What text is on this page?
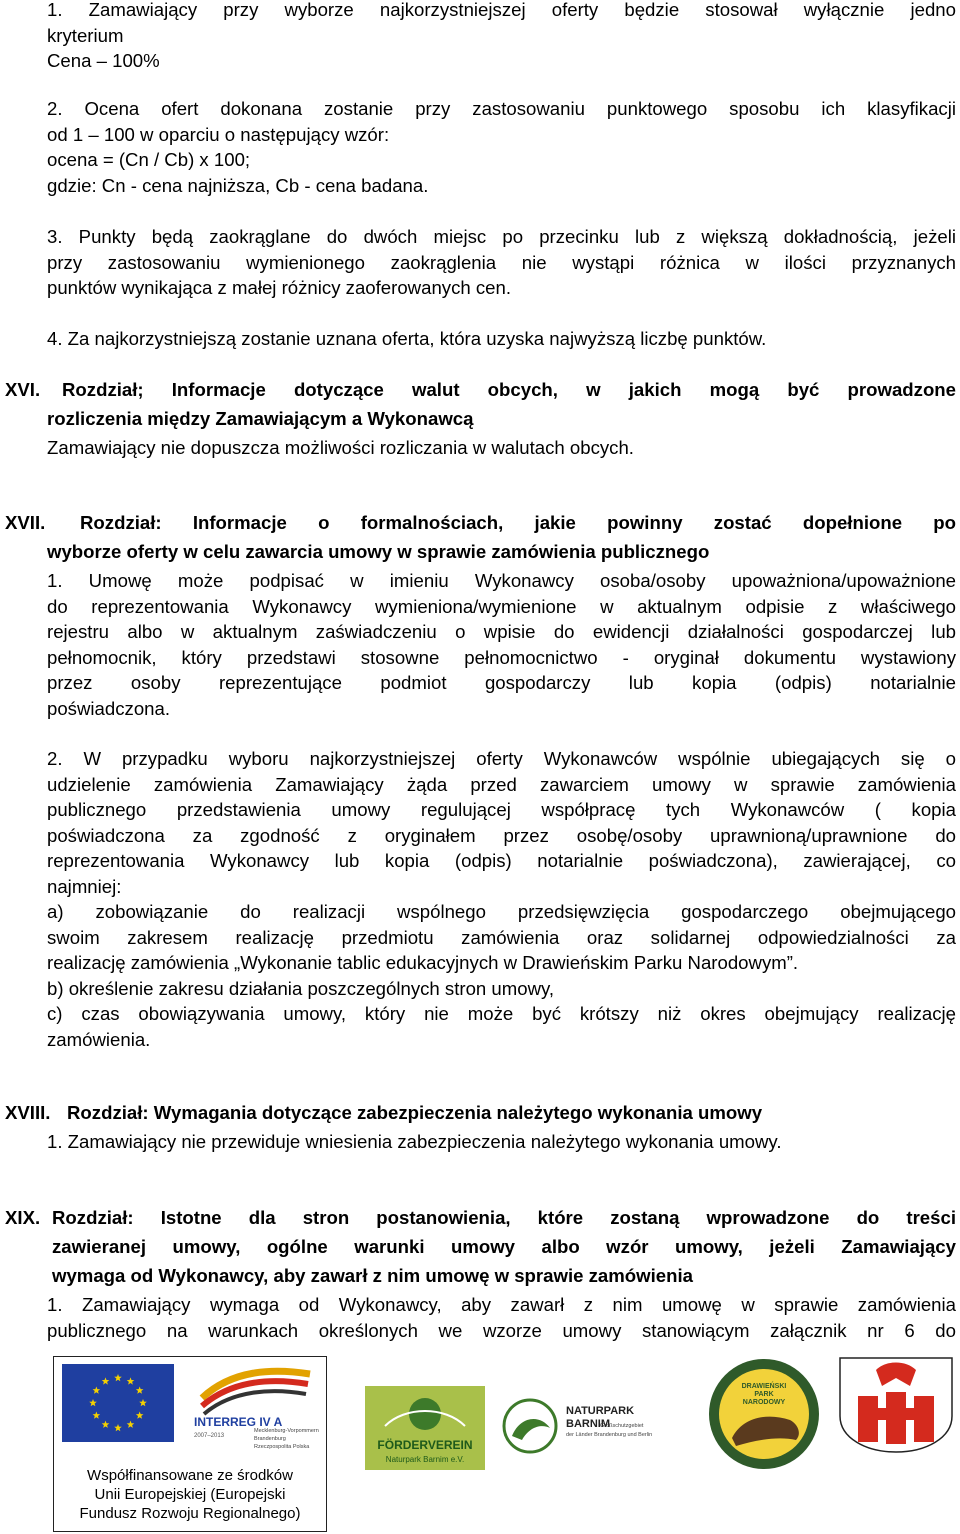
1. Zamawiający przy wyborze najkorzystniejszej oferty będzie stosował wyłącznie jedno
kryterium
Cena – 100%
2. Ocena ofert dokonana zostanie przy zastosowaniu punktowego sposobu ich klasyfikacji
od 1 – 100 w oparciu o następujący wzór:
ocena = (Cn / Cb) x 100;
gdzie: Cn - cena najniższa, Cb - cena badana.
3. Punkty będą zaokrąglane do dwóch miejsc po przecinku lub z większą dokładnością, jeżeli
przy zastosowaniu wymienionego zaokrąglenia nie wystąpi różnica w ilości przyznanych
punktów wynikająca z małej różnicy zaoferowanych cen.
4. Za najkorzystniejszą zostanie uznana oferta, która uzyska najwyższą liczbę punktów.
XVI. Rozdział; Informacje dotyczące walut obcych, w jakich mogą być prowadzone
rozliczenia między Zamawiającym a Wykonawcą
Zamawiający nie dopuszcza możliwości rozliczania w walutach obcych.
XVII. Rozdział: Informacje o formalnościach, jakie powinny zostać dopełnione po
wyborze oferty w celu zawarcia umowy w sprawie zamówienia publicznego
1. Umowę może podpisać w imieniu Wykonawcy osoba/osoby upoważniona/upoważnione
do reprezentowania Wykonawcy wymieniona/wymienione w aktualnym odpisie z właściwego
rejestru albo w aktualnym zaświadczeniu o wpisie do ewidencji działalności gospodarczej lub
pełnomocnik, który przedstawi stosowne pełnomocnictwo - oryginał dokumentu wystawiony
przez osoby reprezentujące podmiot gospodarczy lub kopia (odpis) notarialnie
poświadczona.
2. W przypadku wyboru najkorzystniejszej oferty Wykonawców wspólnie ubiegających się o
udzielenie zamówienia Zamawiający żąda przed zawarciem umowy w sprawie zamówienia
publicznego przedstawienia umowy regulującej współpracę tych Wykonawców ( kopia
poświadczona za zgodność z oryginałem przez osobę/osoby uprawnioną/uprawnione do
reprezentowania Wykonawcy lub kopia (odpis) notarialnie poświadczona), zawierającej, co
najmniej:
a) zobowiązanie do realizacji wspólnego przedsięwzięcia gospodarczego obejmującego
swoim zakresem realizację przedmiotu zamówienia oraz solidarnej odpowiedzialności za
realizację zamówienia „Wykonanie tablic edukacyjnych w Drawieńskim Parku Narodowym”.
b) określenie zakresu działania poszczególnych stron umowy,
c) czas obowiązywania umowy, który nie może być krótszy niż okres obejmujący realizację
zamówienia.
XVIII. Rozdział: Wymagania dotyczące zabezpieczenia należytego wykonania umowy
1. Zamawiający nie przewiduje wniesienia zabezpieczenia należytego wykonania umowy.
XIX. Rozdział: Istotne dla stron postanowienia, które zostaną wprowadzone do treści
zawieranej umowy, ogólne warunki umowy albo wzór umowy, jeżeli Zamawiający
wymaga od Wykonawcy, aby zawarł z nim umowę w sprawie zamówienia
1. Zamawiający wymaga od Wykonawcy, aby zawarł z nim umowę w sprawie zamówienia
publicznego na warunkach określonych we wzorze umowy stanowiącym załącznik nr 6 do
Współfinansowane ze środków
Unii Europejskiej (Europejski
Fundusz Rozwoju Regionalnego)
INTERREG IV A
2007–2013
Mecklenburg-Vorpommern
Brandenburg
Rzeczpospolita Polska	FÖRDERVEREIN
Naturpark Barnim e.V.
NATURPARK
BARNIM
Großschutzgebiet
der Länder Brandenburg und Berlin
DRAWIEŃSKI
PARK
NARODOWY
